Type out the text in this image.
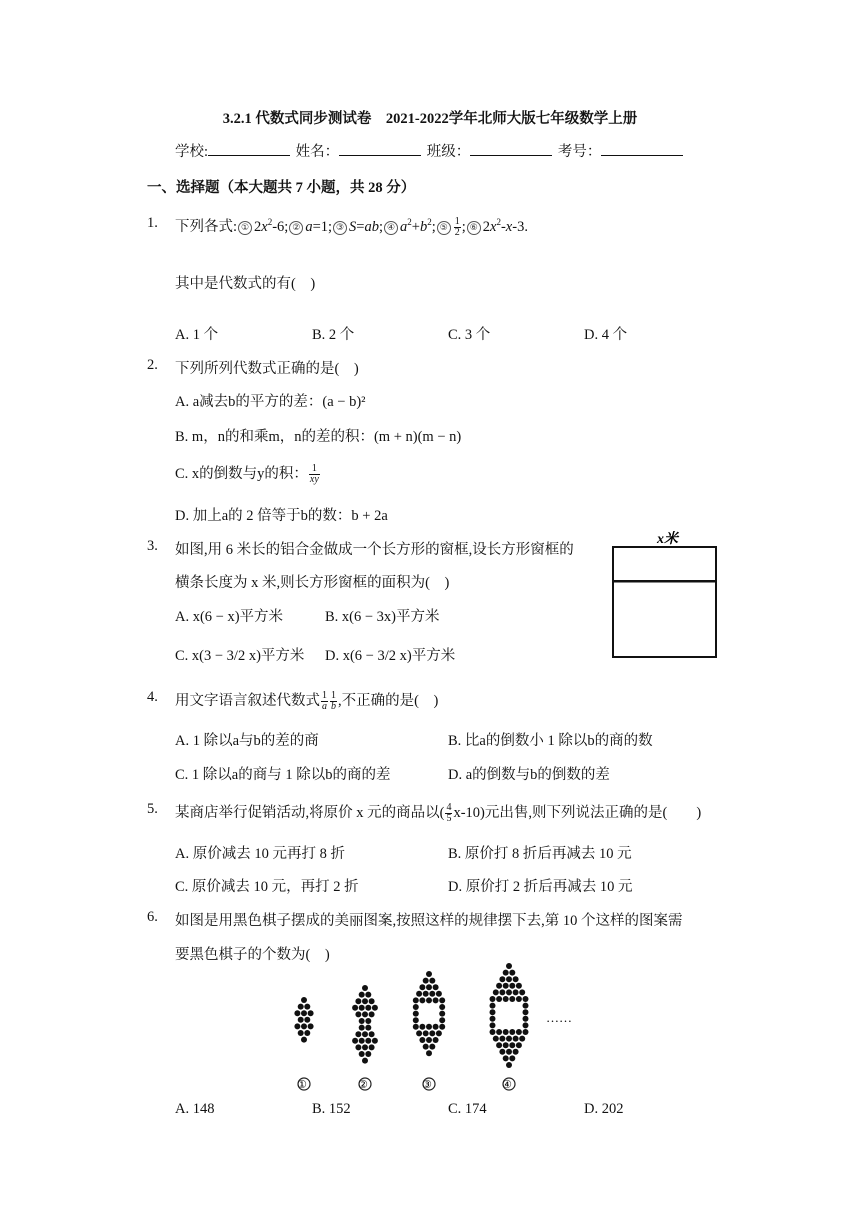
3.2.1 代数式同步测试卷　2021-2022学年北师大版七年级数学上册
学校:	姓名：	班级：	考号：
一、选择题（本大题共 7 小题，共 28 分）
1. 下列各式: ① $2x^2-6$; ② a=1; ③ S=ab; ④ $a^2+b^2$; ⑤ $\frac{1}{2}$ ; ⑥ $2x^2-x-3$.
其中是代数式的有(　)
A. 1 个	B. 2 个	C. 3 个	D. 4 个
2. 下列所列代数式正确的是(　)
A. a减去b的平方的差：(a − b)²
B. m，n的和乘m，n的差的积：(m + n)(m − n)
C. x的倒数与y的积： $\frac{1}{xy}$
D. 加上a的 2 倍等于b的数：b + 2a
3. 如图,用 6 米长的铝合金做成一个长方形的窗框,设长方形窗框的
横条长度为 x 米,则长方形窗框的面积为(　)
A. x(6 − x)平方米	B. x(6 − 3x)平方米
C. x(3 − 3/2 x)平方米 D. x(6 − 3/2 x)平方米
x米
4. 用文字语言叙述代数式 $\frac{1}{a} \frac{1}{b}$ ,不正确的是(　)
A. 1 除以a与b的差的商	B. 比a的倒数小 1 除以b的商的数
C. 1 除以a的商与 1 除以b的商的差	D. a的倒数与b的倒数的差
5. 某商店举行促销活动,将原价 x 元的商品以( $\frac{4}{5} x-10$)元出售,则下列说法正确的是(　　)
A. 原价减去 10 元再打 8 折	B. 原价打 8 折后再减去 10 元
C. 原价减去 10 元，再打 2 折	D. 原价打 2 折后再减去 10 元
6. 如图是用黑色棋子摆成的美丽图案,按照这样的规律摆下去,第 10 个这样的图案需
要黑色棋子的个数为(　)
……
①	②	③	④
A. 148	B. 152	C. 174	D. 202
